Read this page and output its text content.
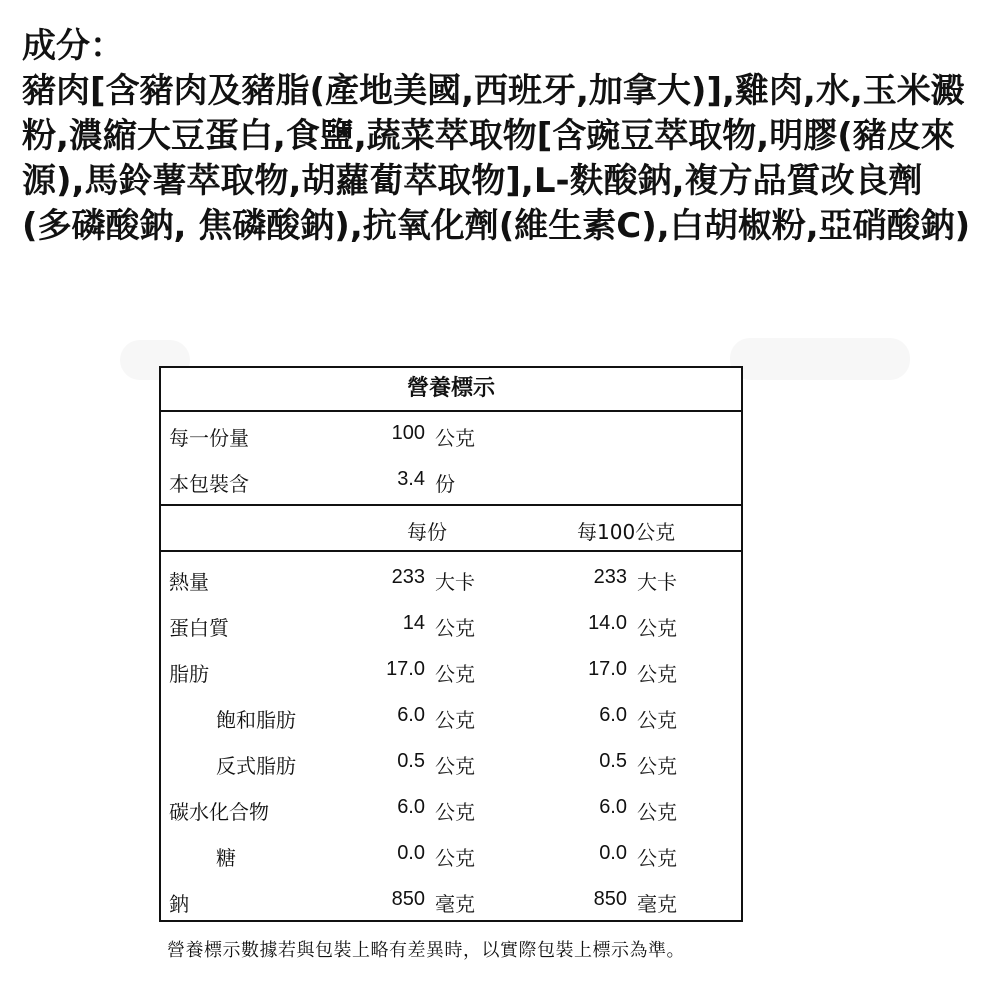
成分：
豬肉[含豬肉及豬脂(產地美國,西班牙,加拿大)],雞肉,水,玉米澱粉,濃縮大豆蛋白,食鹽,蔬菜萃取物[含豌豆萃取物,明膠(豬皮來源),馬鈴薯萃取物,胡蘿蔔萃取物],L-麩酸鈉,複方品質改良劑(多磷酸鈉, 焦磷酸鈉),抗氧化劑(維生素C),白胡椒粉,亞硝酸鈉)
營養標示
每一份量	100 公克
本包裝含	3.4 份
每份	每100公克
熱量	233 大卡	233 大卡
蛋白質	14 公克	14.0 公克
脂肪	17.0 公克	17.0 公克
飽和脂肪	6.0 公克	6.0 公克
反式脂肪	0.5 公克	0.5 公克
碳水化合物	6.0 公克	6.0 公克
糖	0.0 公克	0.0 公克
鈉	850 毫克	850 毫克
營養標示數據若與包裝上略有差異時，以實際包裝上標示為準。
